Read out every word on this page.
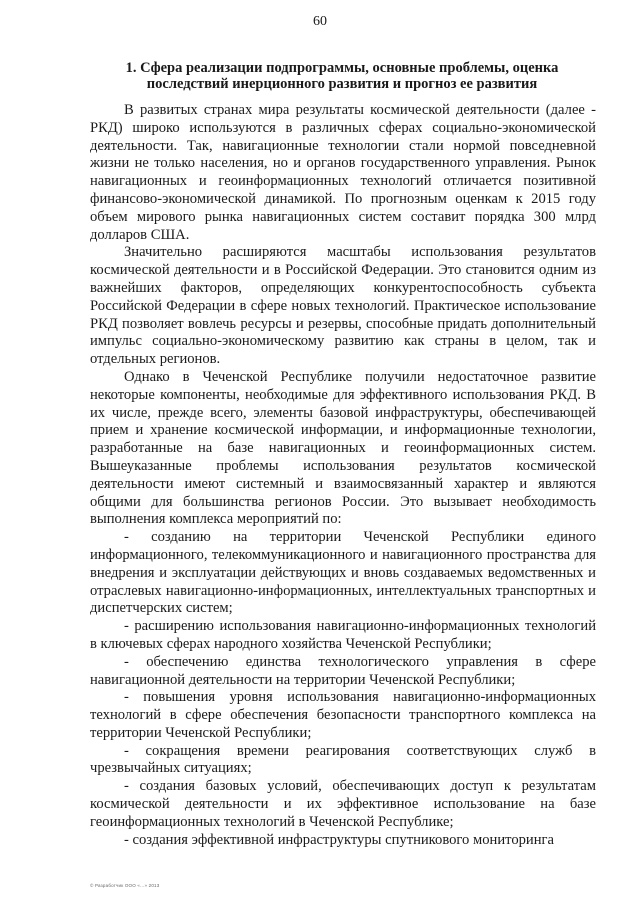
60
1. Сфера реализации подпрограммы, основные проблемы, оценка последствий инерционного развития и прогноз ее развития

В развитых странах мира результаты космической деятельности (далее - РКД) широко используются в различных сферах социально-экономической деятельности. Так, навигационные технологии стали нормой повседневной жизни не только населения, но и органов государственного управления. Рынок навигационных и геоинформационных технологий отличается позитивной финансово-экономической динамикой. По прогнозным оценкам к 2015 году объем мирового рынка навигационных систем составит порядка 300 млрд долларов США.

Значительно расширяются масштабы использования результатов космической деятельности и в Российской Федерации. Это становится одним из важнейших факторов, определяющих конкурентоспособность субъекта Российской Федерации в сфере новых технологий. Практическое использование РКД позволяет вовлечь ресурсы и резервы, способные придать дополнительный импульс социально-экономическому развитию как страны в целом, так и отдельных регионов.

Однако в Чеченской Республике получили недостаточное развитие некоторые компоненты, необходимые для эффективного использования РКД. В их числе, прежде всего, элементы базовой инфраструктуры, обеспечивающей прием и хранение космической информации, и информационные технологии, разработанные на базе навигационных и геоинформационных систем. Вышеуказанные проблемы использования результатов космической деятельности имеют системный и взаимосвязанный характер и являются общими для большинства регионов России. Это вызывает необходимость выполнения комплекса мероприятий по:

- созданию на территории Чеченской Республики единого информационного, телекоммуникационного и навигационного пространства для внедрения и эксплуатации действующих и вновь создаваемых ведомственных и отраслевых навигационно-информационных, интеллектуальных транспортных и диспетчерских систем;

- расширению использования навигационно-информационных технологий в ключевых сферах народного хозяйства Чеченской Республики;

- обеспечению единства технологического управления в сфере навигационной деятельности на территории Чеченской Республики;

- повышения уровня использования навигационно-информационных технологий в сфере обеспечения безопасности транспортного комплекса на территории Чеченской Республики;

- сокращения времени реагирования соответствующих служб в чрезвычайных ситуациях;

- создания базовых условий, обеспечивающих доступ к результатам космической деятельности и их эффективное использование на базе геоинформационных технологий в Чеченской Республике;

- создания эффективной инфраструктуры спутникового мониторинга

© Разработчик ООО «...» 2013
